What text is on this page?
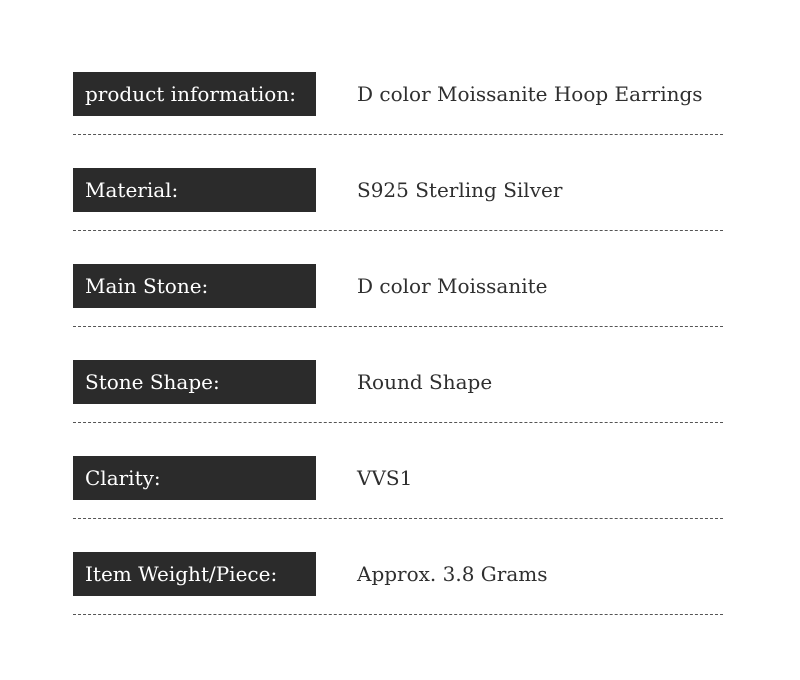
product information:	D color Moissanite Hoop Earrings
Material:	S925 Sterling Silver
Main Stone:	D color Moissanite
Stone Shape:	Round Shape
Clarity:	VVS1
Item Weight/Piece:	Approx. 3.8 Grams
